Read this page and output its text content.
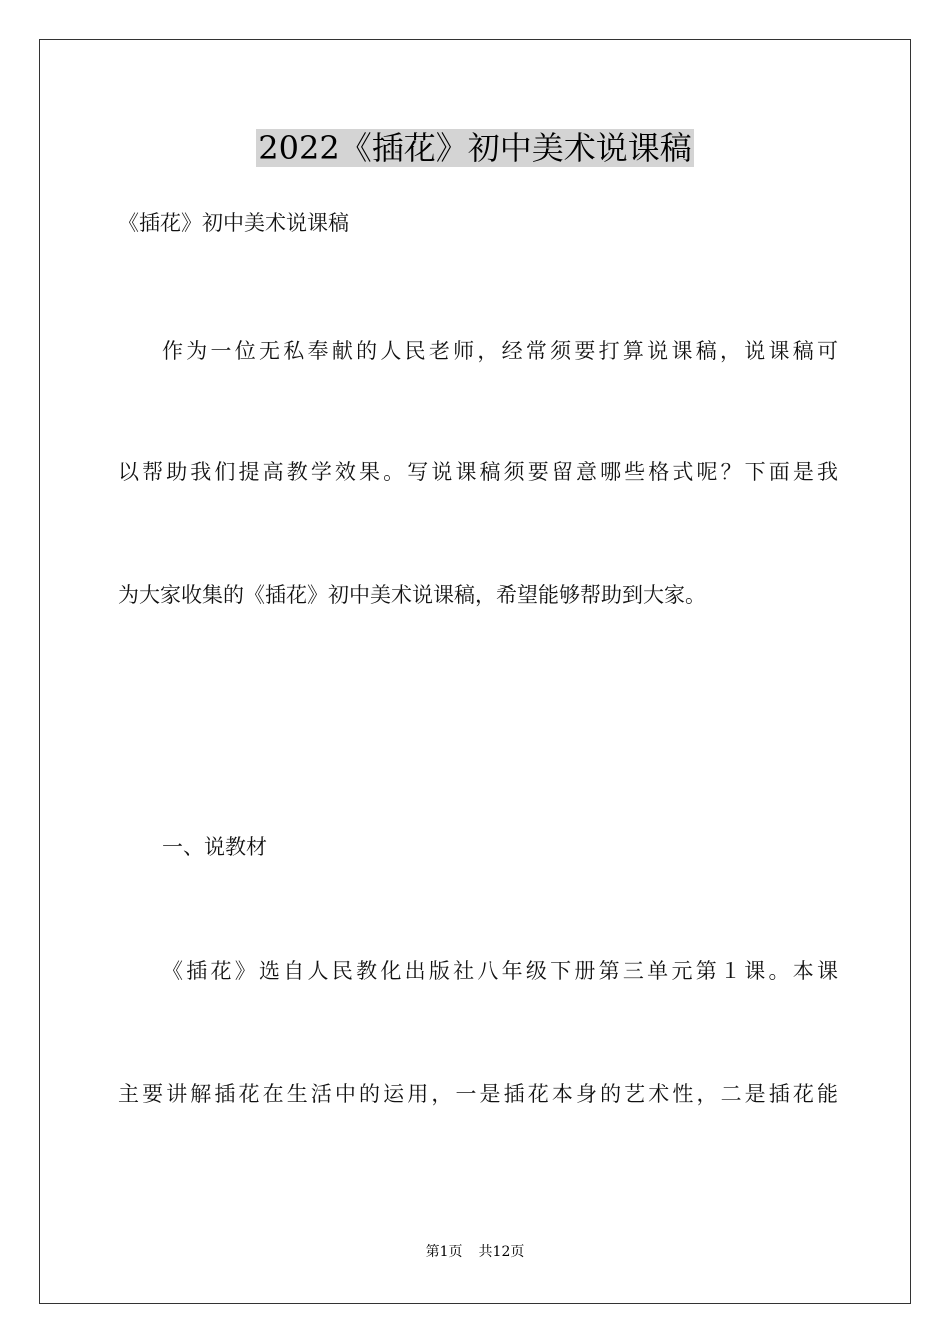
2022《插花》初中美术说课稿
《插花》初中美术说课稿
作为一位无私奉献的人民老师，经常须要打算说课稿，说课稿可
以帮助我们提高教学效果。写说课稿须要留意哪些格式呢？下面是我
为大家收集的《插花》初中美术说课稿，希望能够帮助到大家。
一、说教材
《插花》选自人民教化出版社八年级下册第三单元第１课。本课
主要讲解插花在生活中的运用，一是插花本身的艺术性，二是插花能
第1页 共12页
